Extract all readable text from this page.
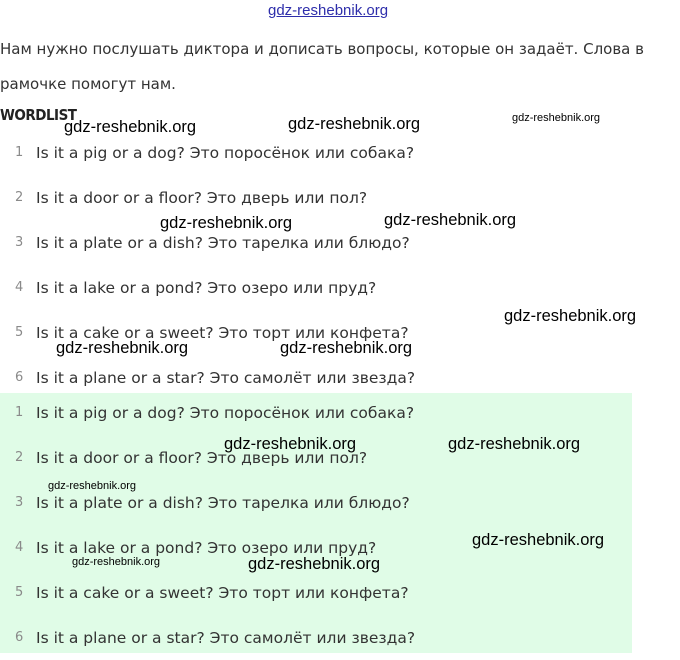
gdz-reshebnik.org

Нам нужно послушать диктора и дописать вопросы, которые он задаёт. Слова в рамочке помогут нам.

WORDLIST

1 Is it a pig or a dog? Это поросёнок или собака?
2 Is it a door or a floor? Это дверь или пол?
3 Is it a plate or a dish? Это тарелка или блюдо?
4 Is it a lake or a pond? Это озеро или пруд?
5 Is it a cake or a sweet? Это торт или конфета?
6 Is it a plane or a star? Это самолёт или звезда?
1 Is it a pig or a dog? Это поросёнок или собака?
2 Is it a door or a floor? Это дверь или пол?
3 Is it a plate or a dish? Это тарелка или блюдо?
4 Is it a lake or a pond? Это озеро или пруд?
5 Is it a cake or a sweet? Это торт или конфета?
6 Is it a plane or a star? Это самолёт или звезда?
gdz-reshebnik.org	gdz-reshebnik.org	gdz-reshebnik.org
gdz-reshebnik.org	gdz-reshebnik.org
gdz-reshebnik.org
gdz-reshebnik.org	gdz-reshebnik.org
gdz-reshebnik.org	gdz-reshebnik.org
gdz-reshebnik.org
gdz-reshebnik.org
gdz-reshebnik.org	gdz-reshebnik.org
